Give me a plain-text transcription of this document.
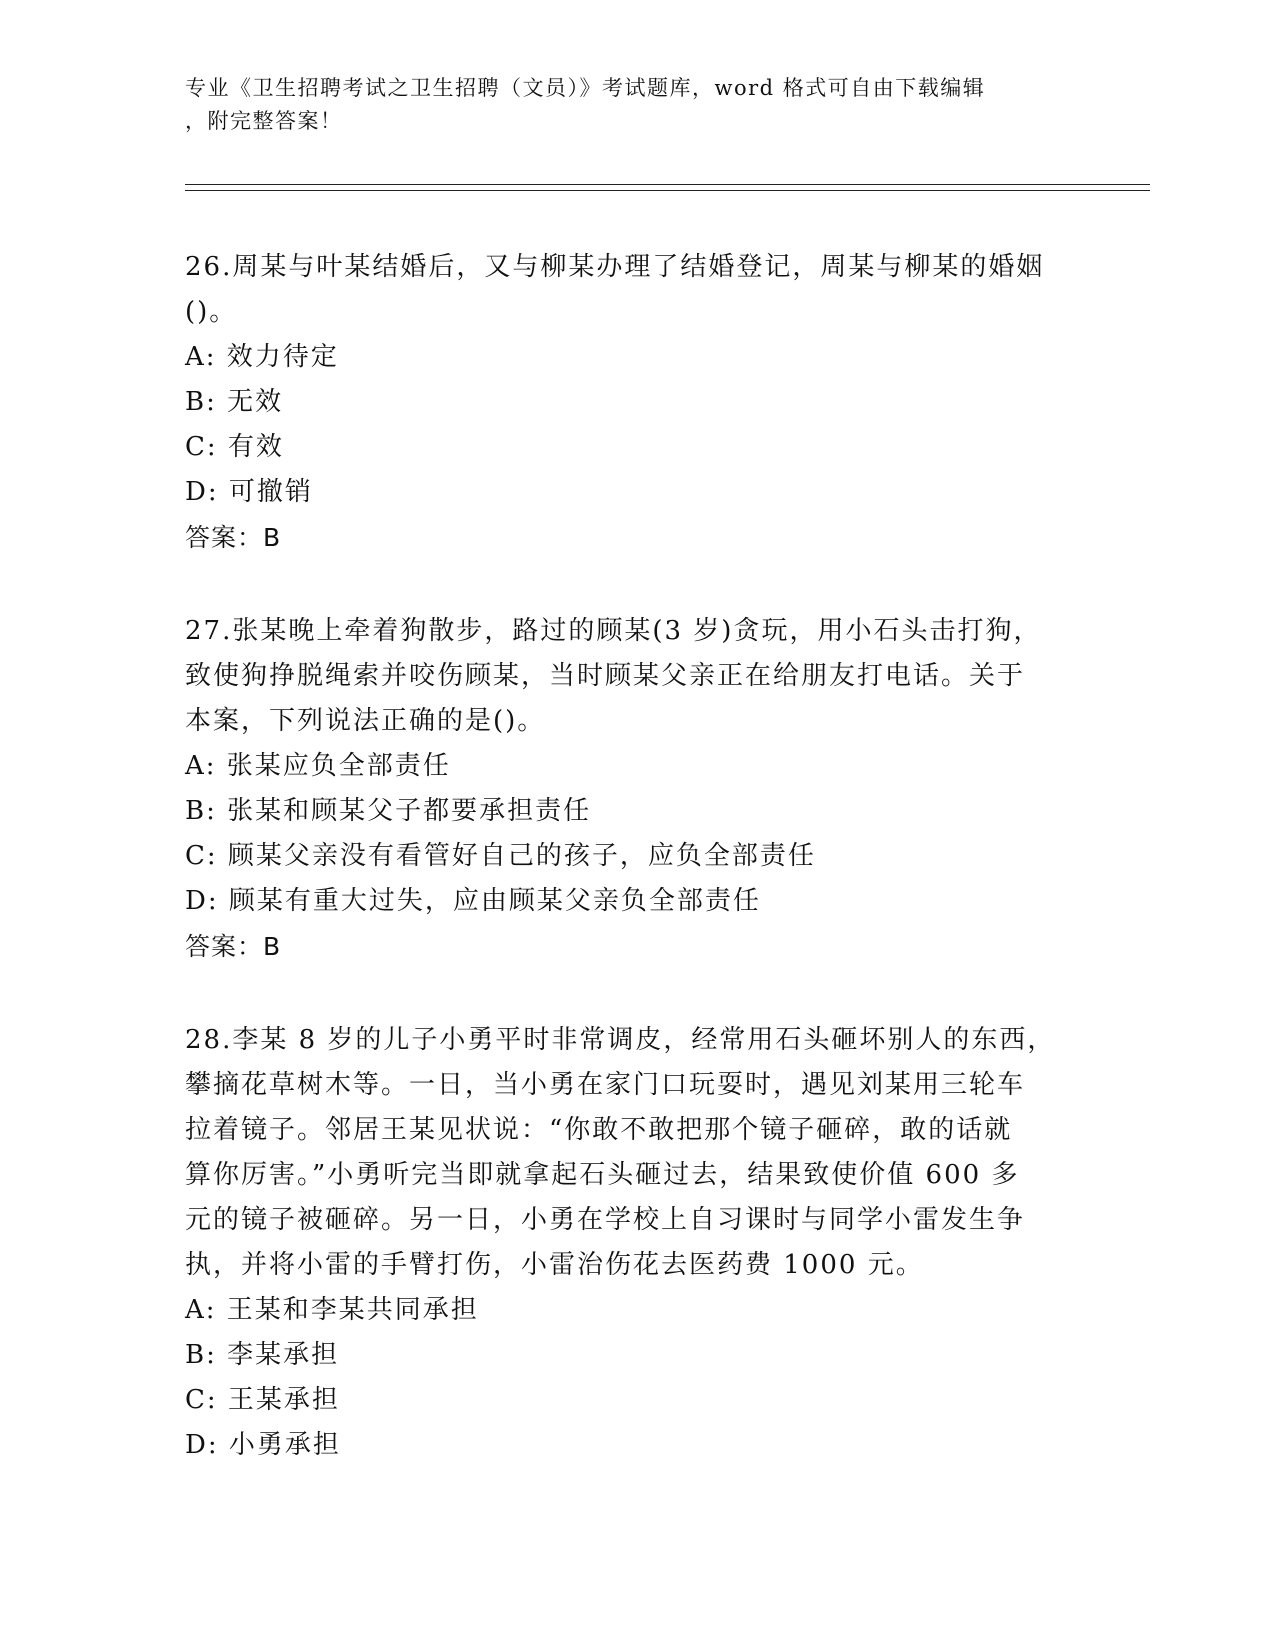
专业《卫生招聘考试之卫生招聘（文员）》考试题库，word 格式可自由下载编辑
，附完整答案！
26.周某与叶某结婚后，又与柳某办理了结婚登记，周某与柳某的婚姻
()。
A: 效力待定
B: 无效
C: 有效
D: 可撤销
答案：B
27.张某晚上牵着狗散步，路过的顾某(3 岁)贪玩，用小石头击打狗，
致使狗挣脱绳索并咬伤顾某，当时顾某父亲正在给朋友打电话。关于
本案，下列说法正确的是()。
A: 张某应负全部责任
B: 张某和顾某父子都要承担责任
C: 顾某父亲没有看管好自己的孩子，应负全部责任
D: 顾某有重大过失，应由顾某父亲负全部责任
答案：B
28.李某 8 岁的儿子小勇平时非常调皮，经常用石头砸坏别人的东西，
攀摘花草树木等。一日，当小勇在家门口玩耍时，遇见刘某用三轮车
拉着镜子。邻居王某见状说：“你敢不敢把那个镜子砸碎，敢的话就
算你厉害。”小勇听完当即就拿起石头砸过去，结果致使价值 600 多
元的镜子被砸碎。另一日，小勇在学校上自习课时与同学小雷发生争
执，并将小雷的手臂打伤，小雷治伤花去医药费 1000 元。
A: 王某和李某共同承担
B: 李某承担
C: 王某承担
D: 小勇承担
